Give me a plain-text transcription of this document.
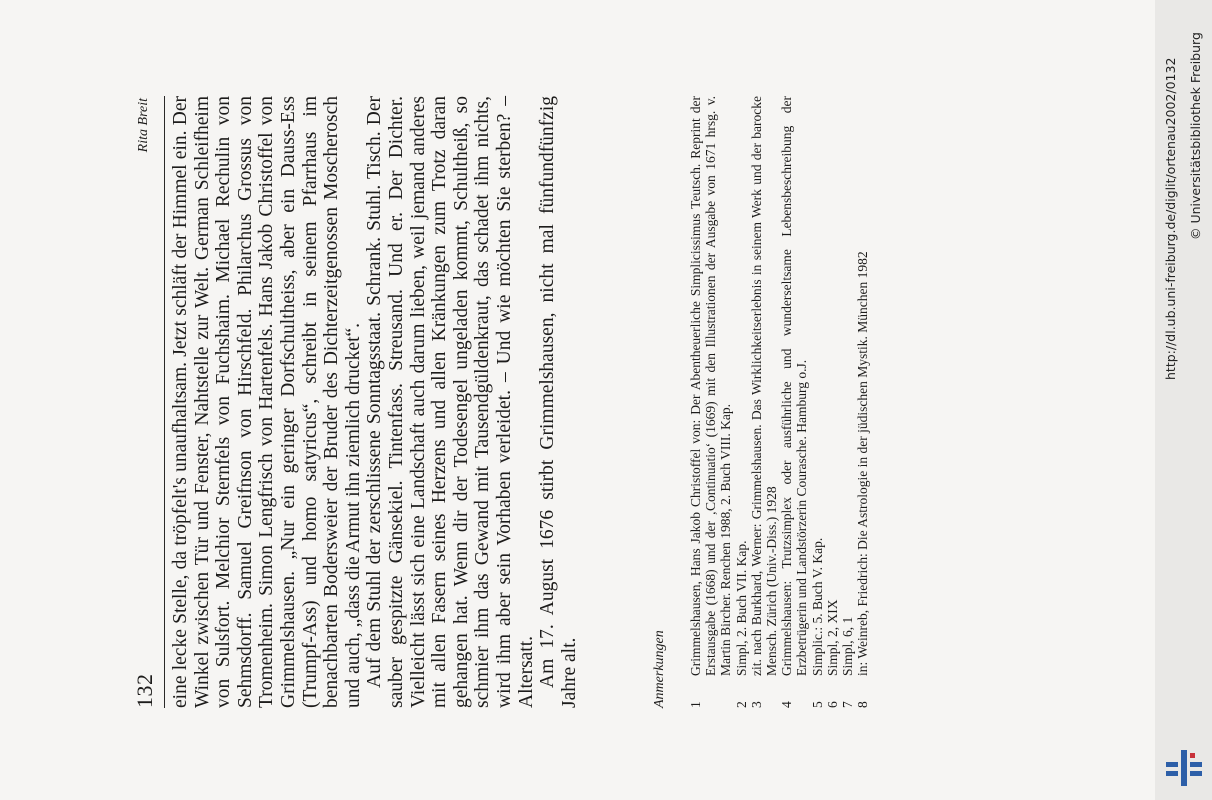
132
Rita Breit eine lecke Stelle, da tröpfelt's unaufhaltsam. Jetzt schläft der Himmel ein. Der Winkel zwischen Tür und Fenster, Nahtstelle zur Welt. German Schleifheim von Sulsfort. Melchior Sternfels von Fuchshaim. Michael Rechulin von Sehmsdorff. Samuel Greifnson von Hirschfeld. Philarchus Grossus von Tromenheim. Simon Lengfrisch von Hartenfels. Hans Jakob Christoffel von Grimmelshausen. „Nur ein geringer Dorfschultheiss, aber ein Dauss-Ess (Trumpf-Ass) und homo satyricus“, schreibt in seinem Pfarrhaus im benachbarten Bodersweier der Bruder des Dichterzeitgenossen Moscherosch und auch, „dass die Armut ihn ziemlich drucket“. Auf dem Stuhl der zerschlissene Sonntagsstaat. Schrank. Stuhl. Tisch. Der sauber gespitzte Gänsekiel. Tintenfass. Streusand. Und er. Der Dichter. Vielleicht lässt sich eine Landschaft auch darum lieben, weil jemand anderes mit allen Fasern seines Herzens und allen Kränkungen zum Trotz daran gehangen hat. Wenn dir der Todesengel ungeladen kommt, Schultheiß, so schmier ihm das Gewand mit Tausendgüldenkraut, das schadet ihm nichts, wird ihm aber sein Vorhaben verleidet. – Und wie möchten Sie sterben? – Altersatt. Am 17. August 1676 stirbt Grimmelshausen, nicht mal fünfundfünfzig Jahre alt.	Anmerkungen 1
Grimmelshausen, Hans Jakob Christoffel von: Der Abentheuerliche Simplicissimus Teutsch. Reprint der Erstausgabe (1668) und der ‚Continuatio‘ (1669) mit den Illustrationen der Ausgabe von 1671 hrsg. v. Martin Bircher. Renchen 1988, 2. Buch VIII. Kap.
2
Simpl, 2. Buch VII. Kap.
3
zit. nach Burkhard, Werner: Grimmelshausen. Das Wirklichkeitserlebnis in seinem Werk und der barocke Mensch. Zürich (Univ.-Diss.) 1928
4
Grimmelshausen: Trutzsimplex oder ausführliche und wunderseltsame Lebensbeschreibung der Erzbetrügerin und Landstörzerin Courasche. Hamburg o.J.
5
Simplic.: 5. Buch V. Kap.
6
Simpl, 2, XIX
7
Simpl, 6, 1
8
in: Weinreb, Friedrich: Die Astrologie in der jüdischen Mystik. München 1982
http://dl.ub.uni-freiburg.de/diglit/ortenau2002/0132 © Universitätsbibliothek Freiburg
